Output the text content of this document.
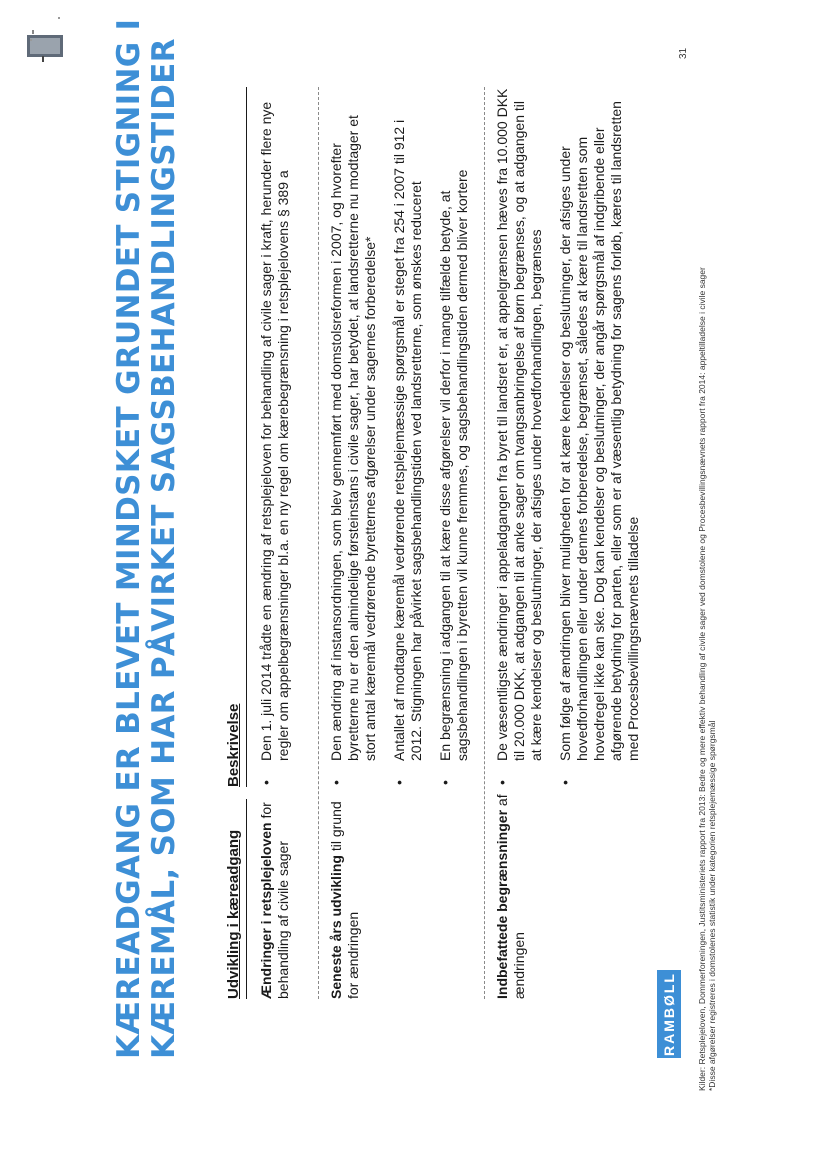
KÆREADGANG ER BLEVET MINDSKET GRUNDET STIGNING I KÆREMÅL, SOM HAR PÅVIRKET SAGSBEHANDLINGSTIDER	Udvikling i kæreadgang
Beskrivelse
Ændringer i retsplejeloven for behandling af civile sager
• Den 1. juli 2014 trådte en ændring af retsplejeloven for behandling af civile sager i kraft, herunder flere nye regler om appelbegrænsninger bl.a. en ny regel om kærebegrænsning i retsplejelovens § 389 a
Seneste års udvikling til grund for ændringen
• Den ændring af instansordningen, som blev gennemført med domstolsreformen i 2007, og hvorefter byretterne nu er den almindelige førsteinstans i civile sager, har betydet, at landsretterne nu modtager et stort antal kæremål vedrørende byretternes afgørelser under sagernes forberedelse* • Antallet af modtagne kæremål vedrørende retsplejemæssige spørgsmål er steget fra 254 i 2007 til 912 i 2012. Stigningen har påvirket sagsbehandlingstiden ved landsretterne, som ønskes reduceret • En begrænsning i adgangen til at kære disse afgørelser vil derfor i mange tilfælde betyde, at sagsbehandlingen i byretten vil kunne fremmes, og sagsbehandlingstiden dermed bliver kortere
Indbefattede begrænsninger af ændringen
• De væsentligste ændringer i appeladgangen fra byret til landsret er, at appelgrænsen hæves fra 10.000 DKK til 20.000 DKK, at adgangen til at anke sager om tvangsanbringelse af børn begrænses, og at adgangen til at kære kendelser og beslutninger, der afsiges under hovedforhandlingen, begrænses • Som følge af ændringen bliver muligheden for at kære kendelser og beslutninger, der afsiges under hovedforhandlingen eller under dennes forberedelse, begrænset, således at kære til landsretten som hovedregel ikke kan ske. Dog kan kendelser og beslutninger, der angår spørgsmål af indgribende eller afgørende betydning for parten, eller som er af væsentlig betydning for sagens forløb, kæres til landsretten med Procesbevillingsnævnets tilladelse
RAMBØLL	Kilder: Retsplejeloven, Dommerforeningen, Justitsministeriets rapport fra 2013: Bedre og mere effektiv behandling af civile sager ved domstolene og Procesbevillingsnævnets rapport fra 2014: appeltilladelse i civile sager *Disse afgørelser registreres i domstolenes statistik under kategorien retsplejemæssige spørgsmål
31
